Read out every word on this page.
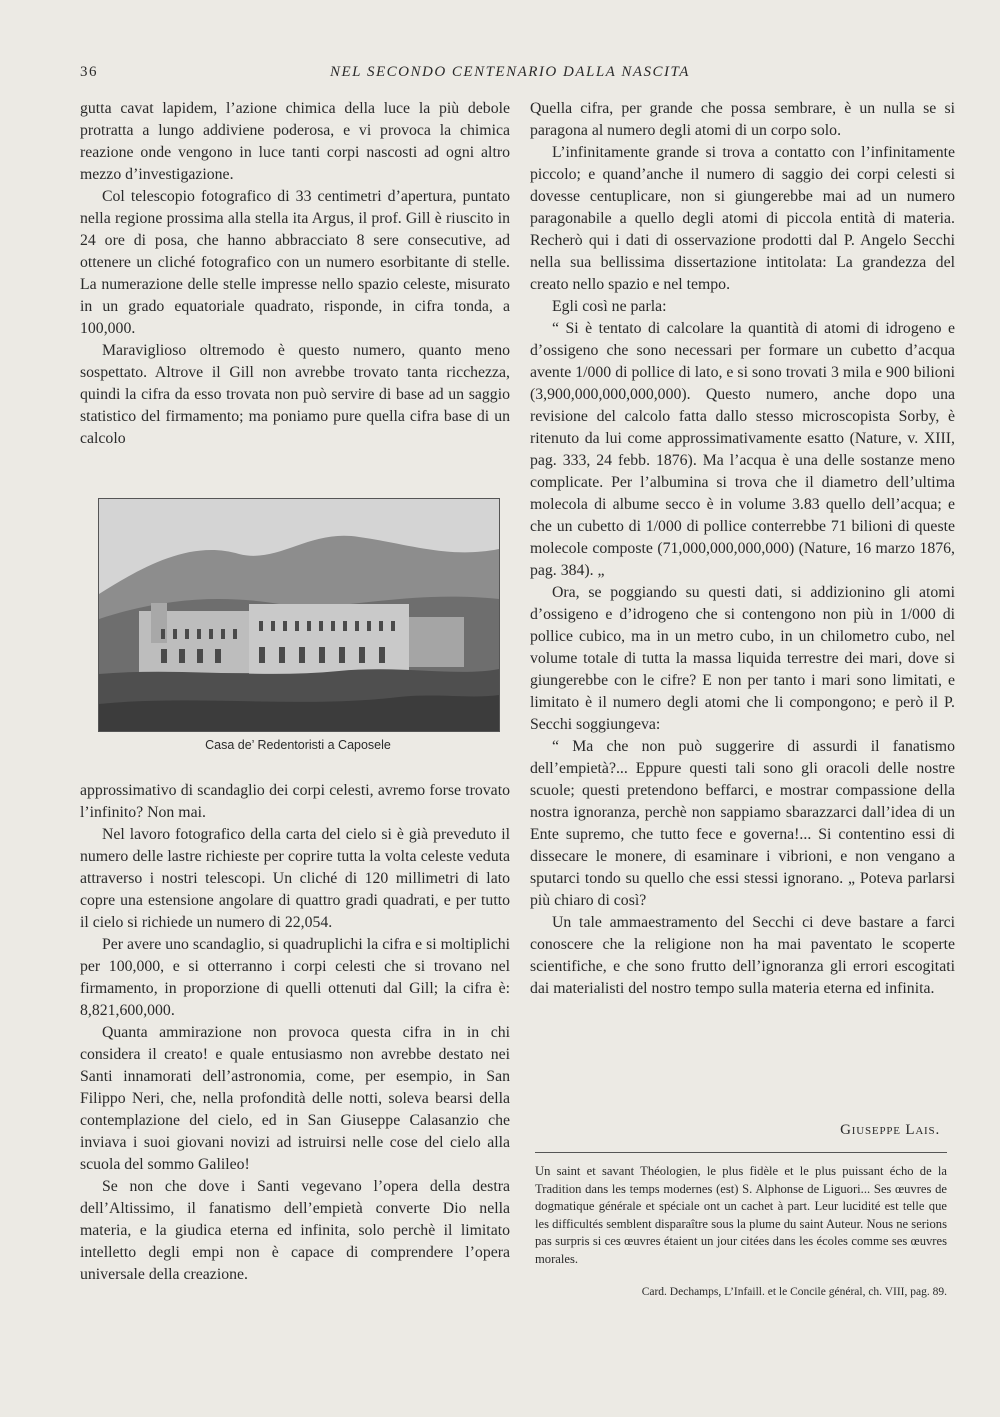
36	NEL SECONDO CENTENARIO DALLA NASCITA

gutta cavat lapidem, l’azione chimica della luce la più debole protratta a lungo addiviene poderosa, e vi provoca la chimica reazione onde vengono in luce tanti corpi nascosti ad ogni altro mezzo d’investigazione.

Col telescopio fotografico di 33 centimetri d’apertura, puntato nella regione prossima alla stella ita Argus, il prof. Gill è riuscito in 24 ore di posa, che hanno abbracciato 8 sere consecutive, ad ottenere un cliché fotografico con un numero esorbitante di stelle. La numerazione delle stelle impresse nello spazio celeste, misurato in un grado equatoriale quadrato, risponde, in cifra tonda, a 100,000.

Maraviglioso oltremodo è questo numero, quanto meno sospettato. Altrove il Gill non avrebbe trovato tanta ricchezza, quindi la cifra da esso trovata non può servire di base ad un saggio statistico del firmamento; ma poniamo pure quella cifra base di un calcolo

Casa de’ Redentoristi a Caposele

approssimativo di scandaglio dei corpi celesti, avremo forse trovato l’infinito? Non mai.

Nel lavoro fotografico della carta del cielo si è già preveduto il numero delle lastre richieste per coprire tutta la volta celeste veduta attraverso i nostri telescopi. Un cliché di 120 millimetri di lato copre una estensione angolare di quattro gradi quadrati, e per tutto il cielo si richiede un numero di 22,054.

Per avere uno scandaglio, si quadruplichi la cifra e si moltiplichi per 100,000, e si otterranno i corpi celesti che si trovano nel firmamento, in proporzione di quelli ottenuti dal Gill; la cifra è: 8,821,600,000.

Quanta ammirazione non provoca questa cifra in in chi considera il creato! e quale entusiasmo non avrebbe destato nei Santi innamorati dell’astronomia, come, per esempio, in San Filippo Neri, che, nella profondità delle notti, soleva bearsi della contemplazione del cielo, ed in San Giuseppe Calasanzio che inviava i suoi giovani novizi ad istruirsi nelle cose del cielo alla scuola del sommo Galileo!

Se non che dove i Santi vegevano l’opera della destra dell’Altissimo, il fanatismo dell’empietà converte Dio nella materia, e la giudica eterna ed infinita, solo perchè il limitato intelletto degli empi non è capace di comprendere l’opera universale della creazione.

Quella cifra, per grande che possa sembrare, è un nulla se si paragona al numero degli atomi di un corpo solo.

L’infinitamente grande si trova a contatto con l’infinitamente piccolo; e quand’anche il numero di saggio dei corpi celesti si dovesse centuplicare, non si giungerebbe mai ad un numero paragonabile a quello degli atomi di piccola entità di materia. Recherò qui i dati di osservazione prodotti dal P. Angelo Secchi nella sua bellissima dissertazione intitolata: La grandezza del creato nello spazio e nel tempo.

Egli così ne parla:

“ Si è tentato di calcolare la quantità di atomi di idrogeno e d’ossigeno che sono necessari per formare un cubetto d’acqua avente 1/000 di pollice di lato, e si sono trovati 3 mila e 900 bilioni (3,900,000,000,000,000). Questo numero, anche dopo una revisione del calcolo fatta dallo stesso microscopista Sorby, è ritenuto da lui come approssimativamente esatto (Nature, v. XIII, pag. 333, 24 febb. 1876). Ma l’acqua è una delle sostanze meno complicate. Per l’albumina si trova che il diametro dell’ultima molecola di albume secco è in volume 3.83 quello dell’acqua; e che un cubetto di 1/000 di pollice conterrebbe 71 bilioni di queste molecole composte (71,000,000,000,000) (Nature, 16 marzo 1876, pag. 384). „

Ora, se poggiando su questi dati, si addizionino gli atomi d’ossigeno e d’idrogeno che si contengono non più in 1/000 di pollice cubico, ma in un metro cubo, in un chilometro cubo, nel volume totale di tutta la massa liquida terrestre dei mari, dove si giungerebbe con le cifre? E non per tanto i mari sono limitati, e limitato è il numero degli atomi che li compongono; e però il P. Secchi soggiungeva:

“ Ma che non può suggerire di assurdi il fanatismo dell’empietà?... Eppure questi tali sono gli oracoli delle nostre scuole; questi pretendono beffarci, e mostrar compassione della nostra ignoranza, perchè non sappiamo sbarazzarci dall’idea di un Ente supremo, che tutto fece e governa!... Si contentino essi di dissecare le monere, di esaminare i vibrioni, e non vengano a sputarci tondo su quello che essi stessi ignorano. „ Poteva parlarsi più chiaro di così?

Un tale ammaestramento del Secchi ci deve bastare a farci conoscere che la religione non ha mai paventato le scoperte scientifiche, e che sono frutto dell’ignoranza gli errori escogitati dai materialisti del nostro tempo sulla materia eterna ed infinita.

Giuseppe Lais.
Un saint et savant Théologien, le plus fidèle et le plus puissant écho de la Tradition dans les temps modernes (est) S. Alphonse de Liguori... Ses œuvres de dogmatique générale et spéciale ont un cachet à part. Leur lucidité est telle que les difficultés semblent disparaître sous la plume du saint Auteur. Nous ne serions pas surpris si ces œuvres étaient un jour citées dans les écoles comme ses œuvres morales.
Card. Dechamps, L’Infaill. et le Concile général, ch. VIII, pag. 89.
